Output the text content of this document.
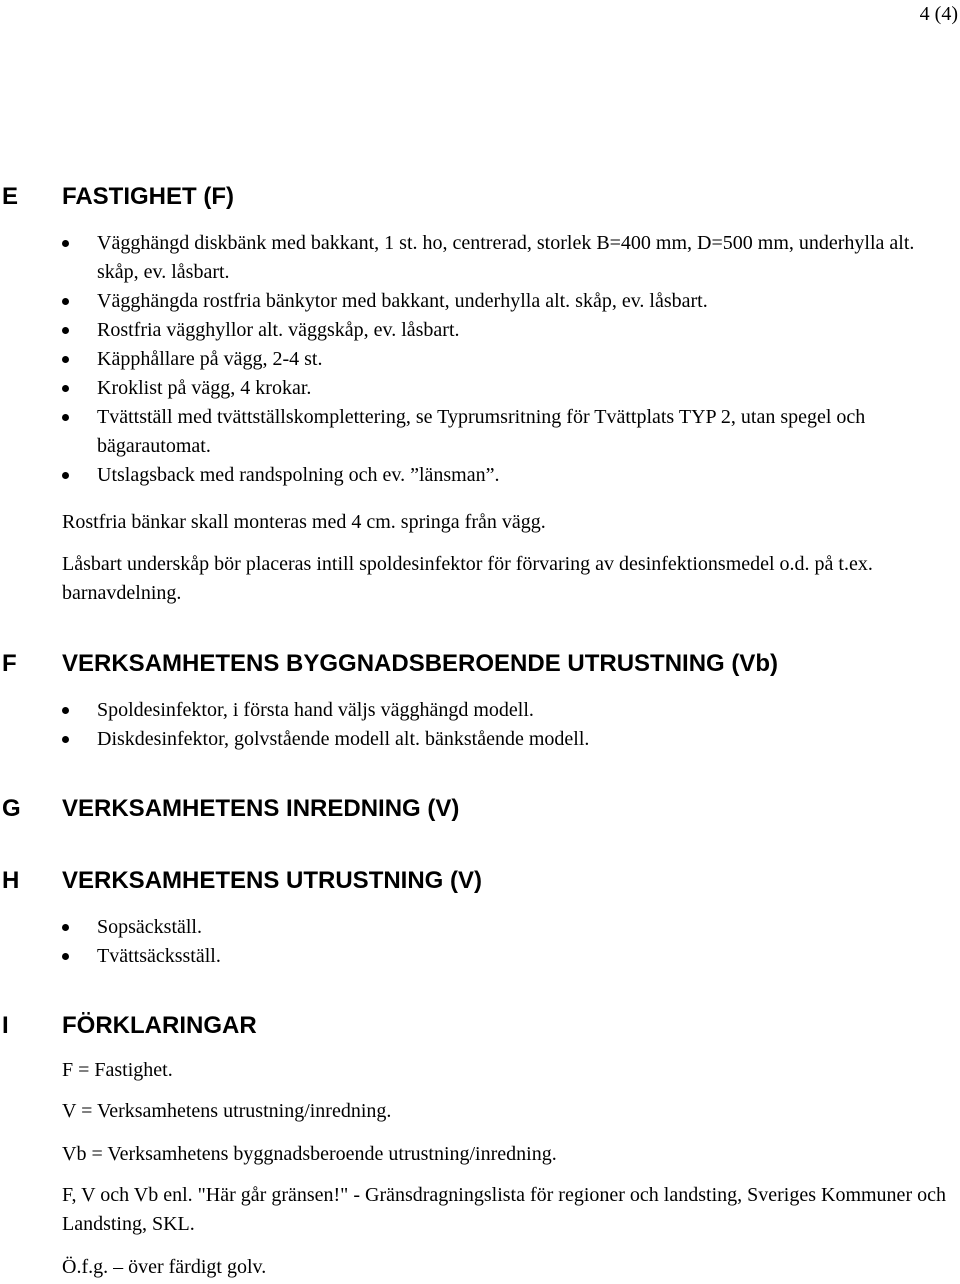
4 (4)
E FASTIGHET (F)
Vägghängd diskbänk med bakkant, 1 st. ho, centrerad, storlek B=400 mm, D=500 mm, underhylla alt. skåp, ev. låsbart.
Vägghängda rostfria bänkytor med bakkant, underhylla alt. skåp, ev. låsbart.
Rostfria vägghyllor alt. väggskåp, ev. låsbart.
Käpphållare på vägg, 2-4 st.
Kroklist på vägg, 4 krokar.
Tvättställ med tvättställskomplettering, se Typrumsritning för Tvättplats TYP 2, utan spegel och bägarautomat.
Utslagsback med randspolning och ev. ”länsman”.
Rostfria bänkar skall monteras med 4 cm. springa från vägg.
Låsbart underskåp bör placeras intill spoldesinfektor för förvaring av desinfektionsmedel o.d. på t.ex. barnavdelning.
F VERKSAMHETENS BYGGNADSBEROENDE UTRUSTNING (Vb)
Spoldesinfektor, i första hand väljs vägghängd modell.
Diskdesinfektor, golvstående modell alt. bänkstående modell.
G VERKSAMHETENS INREDNING (V)
H VERKSAMHETENS UTRUSTNING (V)
Sopsäckställ.
Tvättsäcksställ.
I FÖRKLARINGAR
F = Fastighet.
V = Verksamhetens utrustning/inredning.
Vb = Verksamhetens byggnadsberoende utrustning/inredning.
F, V och Vb enl. "Här går gränsen!" - Gränsdragningslista för regioner och landsting, Sveriges Kommuner och Landsting, SKL.
Ö.f.g. – över färdigt golv.
